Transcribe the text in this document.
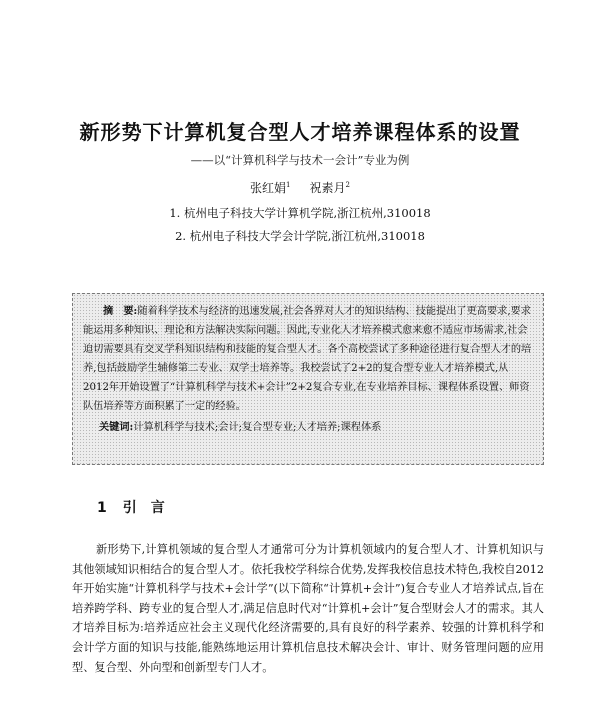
新形势下计算机复合型人才培养课程体系的设置
——以“计算机科学与技术一会计”专业为例
张红娟$^1$ 祝素月$^2$
1. 杭州电子科技大学计算机学院,浙江杭州,310018
2. 杭州电子科技大学会计学院,浙江杭州,310018
摘　要:随着科学技术与经济的迅速发展,社会各界对人才的知识结构、技能提出了更高要求,要求能运用多种知识、理论和方法解决实际问题。因此,专业化人才培养模式愈来愈不适应市场需求,社会迫切需要具有交叉学科知识结构和技能的复合型人才。各个高校尝试了多种途径进行复合型人才的培养,包括鼓励学生辅修第二专业、双学士培养等。我校尝试了2+2的复合型专业人才培养模式,从2012年开始设置了“计算机科学与技术+会计”2+2复合专业,在专业培养目标、课程体系设置、师资队伍培养等方面积累了一定的经验。
关键词:计算机科学与技术;会计;复合型专业;人才培养;课程体系
1 引 言

新形势下,计算机领域的复合型人才通常可分为计算机领域内的复合型人才、计算机知识与其他领域知识相结合的复合型人才。依托我校学科综合优势,发挥我校信息技术特色,我校自2012年开始实施“计算机科学与技术+会计学”(以下简称“计算机+会计”)复合专业人才培养试点,旨在培养跨学科、跨专业的复合型人才,满足信息时代对“计算机+会计”复合型财会人才的需求。其人才培养目标为:培养适应社会主义现代化经济需要的,具有良好的科学素养、较强的计算机科学和会计学方面的知识与技能,能熟练地运用计算机信息技术解决会计、审计、财务管理问题的应用型、复合型、外向型和创新型专门人才。
